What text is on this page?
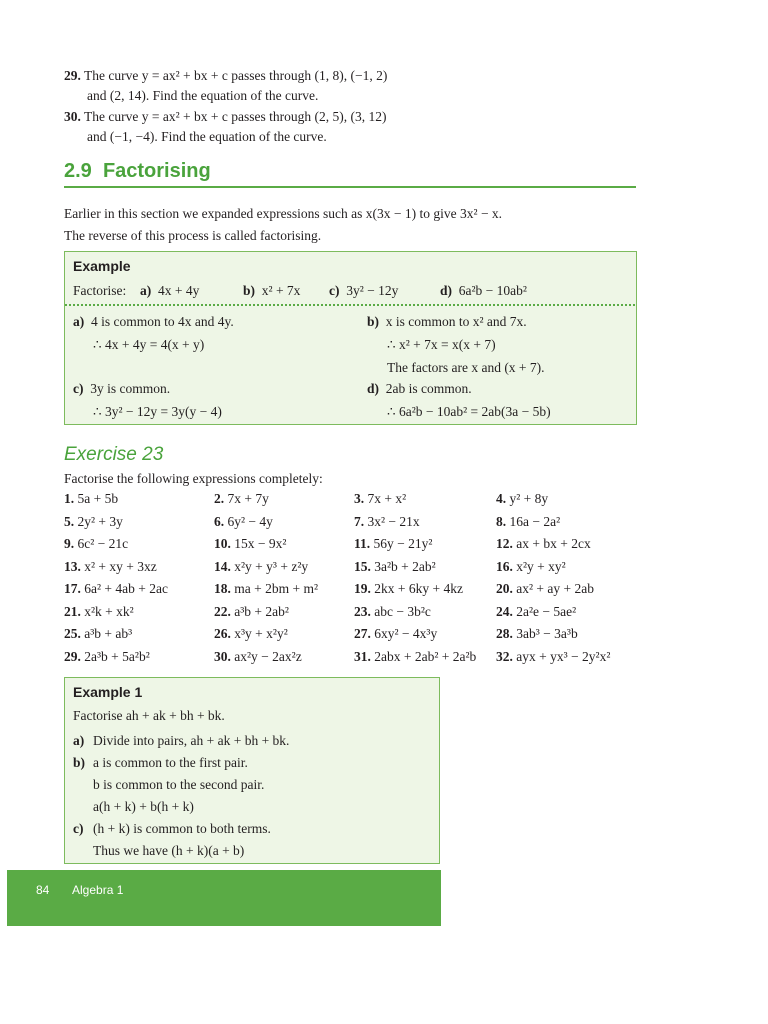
29. The curve y = ax² + bx + c passes through (1, 8), (−1, 2)
and (2, 14). Find the equation of the curve.
30. The curve y = ax² + bx + c passes through (2, 5), (3, 12)
and (−1, −4). Find the equation of the curve.
2.9 Factorising
Earlier in this section we expanded expressions such as x(3x − 1) to give 3x² − x.
The reverse of this process is called factorising.
Example
Factorise: a) 4x + 4y	b) x² + 7x c) 3y² − 12y	d) 6a²b − 10ab²
a) 4 is common to 4x and 4y.
∴ 4x + 4y = 4(x + y)
b) x is common to x² and 7x.
∴ x² + 7x = x(x + 7)
The factors are x and (x + 7).
c) 3y is common.
∴ 3y² − 12y = 3y(y − 4)
d) 2ab is common.
∴ 6a²b − 10ab² = 2ab(3a − 5b)
Exercise 23
Factorise the following expressions completely:
1. 5a + 5b	2. 7x + 7y	3. 7x + x²	4. y² + 8y
5. 2y² + 3y	6. 6y² − 4y	7. 3x² − 21x	8. 16a − 2a²
9. 6c² − 21c	10. 15x − 9x²	11. 56y − 21y²	12. ax + bx + 2cx
13. x² + xy + 3xz	14. x²y + y³ + z²y	15. 3a²b + 2ab²	16. x²y + xy²
17. 6a² + 4ab + 2ac	18. ma + 2bm + m²	19. 2kx + 6ky + 4kz 20. ax² + ay + 2ab
21. x²k + xk²	22. a³b + 2ab²	23. abc − 3b²c	24. 2a²e − 5ae²
25. a³b + ab³	26. x³y + x²y²	27. 6xy² − 4x³y	28. 3ab³ − 3a³b
29. 2a³b + 5a²b²	30. ax²y − 2ax²z	31. 2abx + 2ab² + 2a²b 32. ayx + yx³ − 2y²x²
Example 1
Factorise ah + ak + bh + bk.
a) Divide into pairs, ah + ak + bh + bk.
b) a is common to the first pair.
b is common to the second pair.
a(h + k) + b(h + k)
c) (h + k) is common to both terms.
Thus we have (h + k)(a + b)
84 Algebra 1
